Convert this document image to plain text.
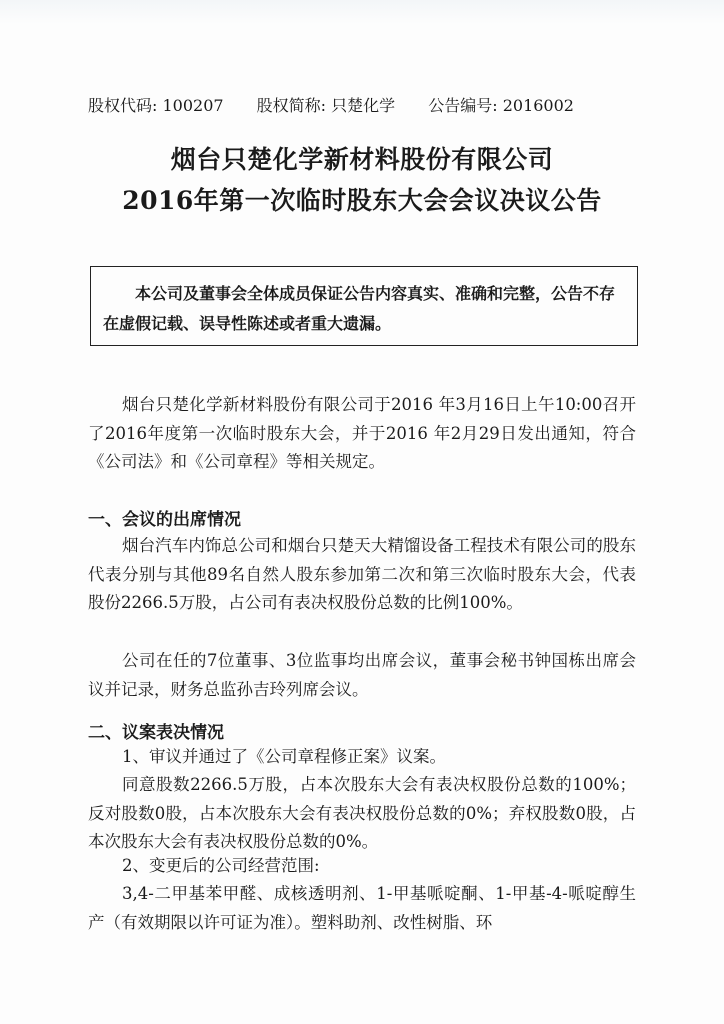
股权代码: 100207 股权简称: 只楚化学 公告编号: 2016002
烟台只楚化学新材料股份有限公司
2016年第一次临时股东大会会议决议公告
本公司及董事会全体成员保证公告内容真实、准确和完整，公告不存在虚假记载、误导性陈述或者重大遗漏。
烟台只楚化学新材料股份有限公司于2016 年3月16日上午10:00召开了2016年度第一次临时股东大会，并于2016 年2月29日发出通知，符合《公司法》和《公司章程》等相关规定。
一、会议的出席情况
烟台汽车内饰总公司和烟台只楚天大精馏设备工程技术有限公司的股东代表分别与其他89名自然人股东参加第二次和第三次临时股东大会，代表股份2266.5万股，占公司有表决权股份总数的比例100%。
公司在任的7位董事、3位监事均出席会议，董事会秘书钟国栋出席会议并记录，财务总监孙吉玲列席会议。
二、议案表决情况
1、审议并通过了《公司章程修正案》议案。
同意股数2266.5万股，占本次股东大会有表决权股份总数的100%；反对股数0股，占本次股东大会有表决权股份总数的0%；弃权股数0股，占本次股东大会有表决权股份总数的0%。
2、变更后的公司经营范围:
3,4-二甲基苯甲醛、成核透明剂、1-甲基哌啶酮、1-甲基-4-哌啶醇生产（有效期限以许可证为准）。塑料助剂、改性树脂、环
